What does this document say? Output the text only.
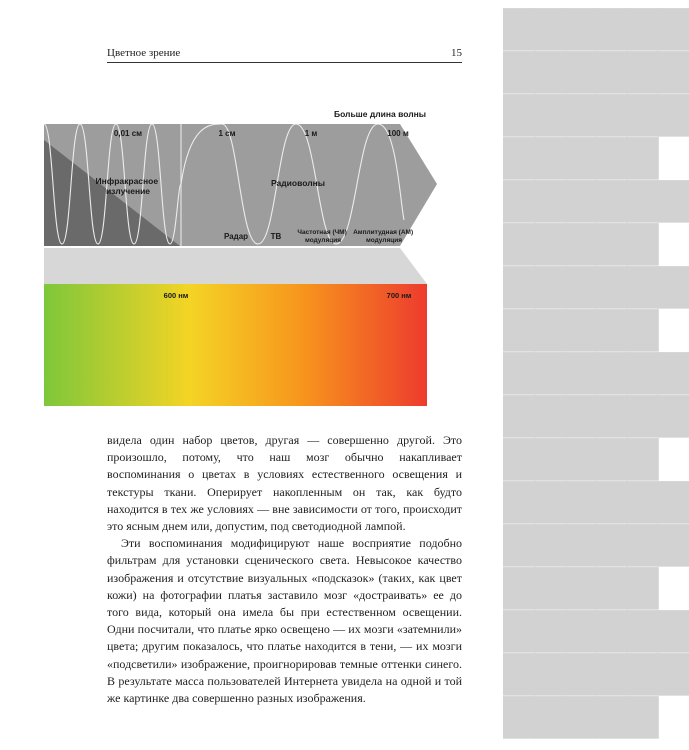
▇▇▇▇▇▇
▇▇▇▇▇▇
▇▇▇▇▇▇
▇▇▇▇▇
▇▇▇▇▇▇
▇▇▇▇▇
▇▇▇▇▇▇
▇▇▇▇▇
▇▇▇▇▇▇
▇▇▇▇▇▇
▇▇▇▇▇
▇▇▇▇▇▇
▇▇▇▇▇▇
▇▇▇▇▇
▇▇▇▇▇▇
▇▇▇▇▇▇
▇▇▇▇▇
Цветное зрение	15
Больше длина волны
0,01 см	1 см	1 м	100 м
Инфракрасное излучение
Радиоволны
Радар	ТВ Частотная (ЧМ) модуляция
Амплитудная (АМ) модуляция
600 нм	700 нм

видела один набор цветов, другая — совершенно другой. Это произошло, потому, что наш мозг обычно накапливает воспоминания о цветах в условиях естественного освещения и текстуры ткани. Оперирует накопленным он так, как будто находится в тех же условиях — вне зависимости от того, происходит это ясным днем или, допустим, под светодиодной лампой.

Эти воспоминания модифицируют наше восприятие подобно фильтрам для установки сценического света. Невысокое качество изображения и отсутствие визуальных «подсказок» (таких, как цвет кожи) на фотографии платья заставило мозг «достраивать» ее до того вида, который она имела бы при естественном освещении. Одни посчитали, что платье ярко освещено — их мозги «затемнили» цвета; другим показалось, что платье находится в тени, — их мозги «подсветили» изображение, проигнорировав темные оттенки синего. В результате масса пользователей Интернета увидела на одной и той же картинке два совершенно разных изображения.
